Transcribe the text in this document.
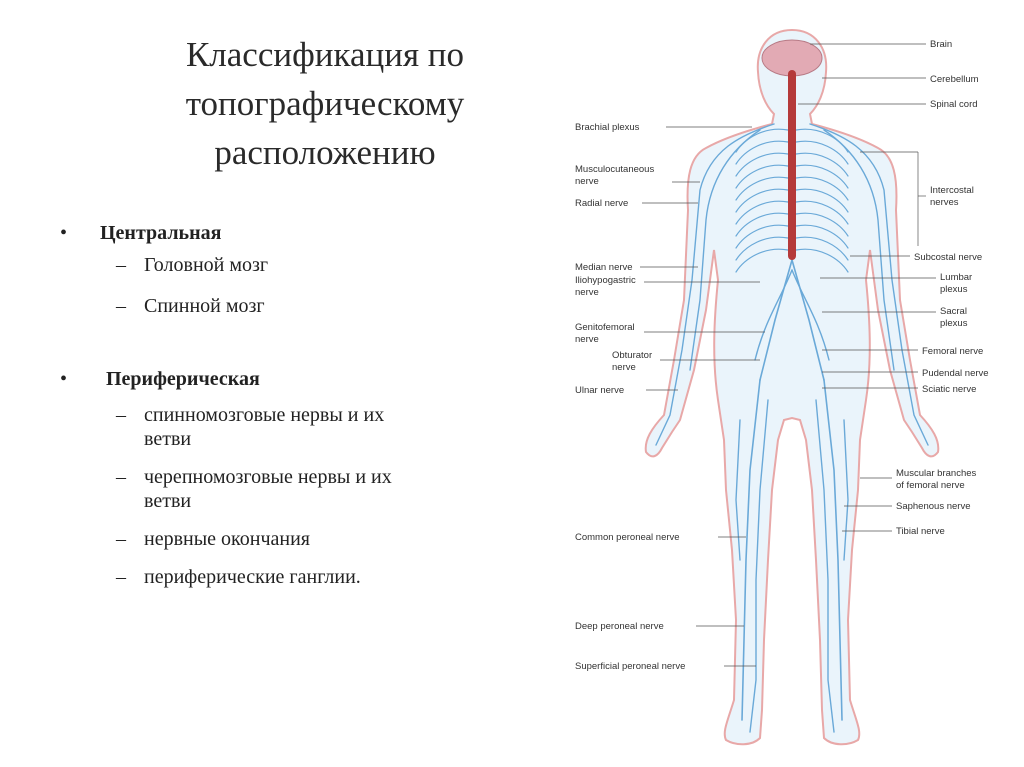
Классификация по
топографическому
расположению
• Центральная
– Головной мозг
– Спинной мозг
• Периферическая
– спинномозговые нервы и их
ветви
– черепномозговые нервы и их
ветви
– нервные окончания
– периферические ганглии.
Brain
Cerebellum
Spinal cord
Intercostal nerves
Subcostal nerve
Lumbar plexus
Sacral plexus
Femoral nerve
Pudendal nerve
Sciatic nerve
Muscular branches of femoral nerve
Saphenous nerve
Tibial nerve
Brachial plexus
Musculocutaneous nerve
Radial nerve
Median nerve
Iliohypogastric nerve
Genitofemoral nerve
Obturator nerve
Ulnar nerve
Common peroneal nerve
Deep peroneal nerve
Superficial peroneal nerve
